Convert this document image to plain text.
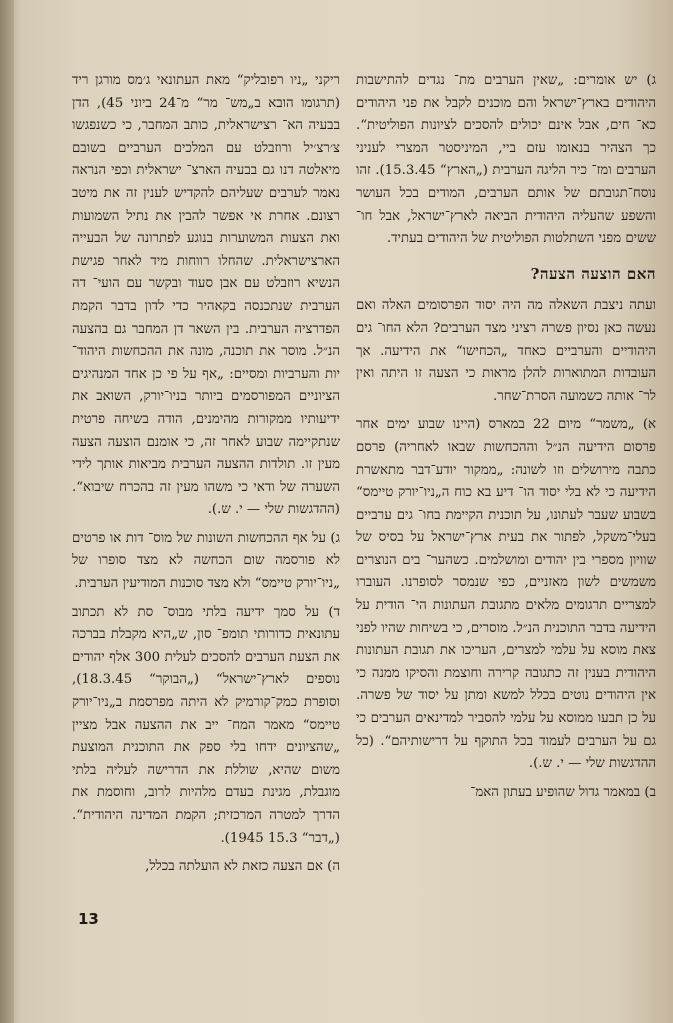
ג) יש אומרים: „שאין הערבים מת־ נגדים להתישבות היהודים בארץ־ישראל והם מוכנים לקבל את פני היהודים כא־ חים, אבל אינם יכולים להסכים לציונות הפוליטית“. כך הצהיר בנאומו עזם ביי, המיניסטר המצרי לעניני הערבים ומז־ כיר הליגה הערבית („הארץ“ 15.3.45). זהו נוסח־תגובתם של אותם הערבים, המודים בכל העושר והשפע שהעליה היהודית הביאה לארץ־ישראל, אבל חו־ ששים מפני השתלטות הפוליטית של היהודים בעתיד.

האם הוצעה הצעה?

ועתה ניצבת השאלה מה היה יסוד הפרסומים האלה ואם נעשה כאן נסיון פשרה רציני מצד הערבים? הלא החו־ גים היהודיים והערביים כאחד „הכחישו“ את הידיעה. אך העובדות המתוארות להלן מראות כי הצעה זו היתה ואין לר־ אותה כשמועה הסרת־שחר.

א) „משמר“ מיום 22 במארס (היינו שבוע ימים אחר פרסום הידיעה הנ״ל וההכחשות שבאו לאחריה) פרסם כתבה מירושלים וזו לשונה: „ממקור יודע־דבר מתאשרת הידיעה כי לא בלי יסוד הו־ דיע בא כוח ה„ניו־יורק טיימס“ בשבוע שעבר לעתונו, על תוכנית הקיימת בחו־ גים ערביים בעלי־משקל, לפתור את בעית ארץ־ישראל על בסיס של שוויון מספרי בין יהודים ומושלמים. כשהער־ בים הנוצרים משמשים לשון מאזניים, כפי שנמסר לסופרנו. העוברו למצריים תרגומים מלאים מתגובת העתונות הי־ הודית על הידיעה בדבר התוכנית הנ״ל. מוסרים, כי בשיחות שהיו לפני צאת מוסא על עלמי למצרים, העריכו את תגובת העתונות היהודית בענין זה כתגובה קרירה וחוצמת והסיקו ממנה כי אין היהודים נוטים בכלל למשא ומתן על יסוד של פשרה. על כן תבעו ממוסא על עלמי להסביר למדינאים הערבים כי גם על הערבים לעמוד בכל התוקף על דרישותיהם“. (כל ההדגשות שלי — י. ש.).

ב) במאמר גדול שהופיע בעתון האמ־

ריקני „ניו רפובליק“ מאת העתונאי ג׳מס מורגן ריד (תרגומו הובא ב„מש־ מר“ מ־24 ביוני 45), הדן בבעיה הא־ רצישראלית, כותב המחבר, כי כשנפגשו צ׳רצ׳יל ורוזבלט עם המלכים הערביים בשובם מיאלטה דנו גם בבעיה הארצ־ ישראלית וכפי הנראה נאמר לערבים שעליהם להקדיש לענין זה את מיטב רצונם. אחרת אי אפשר להבין את נתיל השמועות ואת הצעות המשוערות בנוגע לפתרונה של הבעייה הארצישראלית. שהחלו רווחות מיד לאחר פגישת הנשיא רוזבלט עם אבן סעוד ובקשר עם הועי־ דה הערבית שנתכנסה בקאהיר כדי לדון בדבר הקמת הפדרציה הערבית. בין השאר דן המחבר גם בהצעה הנ״ל. מוסר את תוכנה, מונה את ההכחשות היהוד־ יות והערביות ומסיים: „אף על פי כן אחד המנהיגים הציוניים המפורסמים ביותר בניו־יורק, השואב את ידיעותיו ממקורות מהימנים, הודה בשיחה פרטית שנתקיימה שבוע לאחר זה, כי אומנם הוצעה הצעה מעין זו. תולדות ההצעה הערבית מביאות אותך לידי השערה של ודאי כי משהו מעין זה בהכרח שיבוא“. (ההדגשות שלי — י. ש.).

ג) על אף ההכחשות השונות של מוס־ דות או פרטים לא פורסמה שום הכחשה לא מצד סופרו של „ניו־יורק טיימס“ ולא מצד סוכנות המודיעין הערבית.

ד) על סמך ידיעה בלתי מבוס־ סת לא תכתוב עתונאית כדורותי תומפ־ סון, ש„היא מקבלת בברכה את הצעת הערבים להסכים לעלית 300 אלף יהודים נוספים לארץ־ישראל“ („הבוקר“ 18.3.45), וסופרת כמק־קורמיק לא היתה מפרסמת ב„ניו־יורק טיימס“ מאמר המח־ ייב את ההצעה אבל מציין „שהציונים ידחו בלי ספק את התוכנית המוצעת משום שהיא, שוללת את הדרישה לעליה בלתי מוגבלת, מגינת בעדם מלהיות לרוב, וחוסמת את הדרך למטרה המרכזית; הקמת המדינה היהודית“. („דבר“ 15.3 1945).

ה) אם הצעה כזאת לא הועלתה בכלל,

13
